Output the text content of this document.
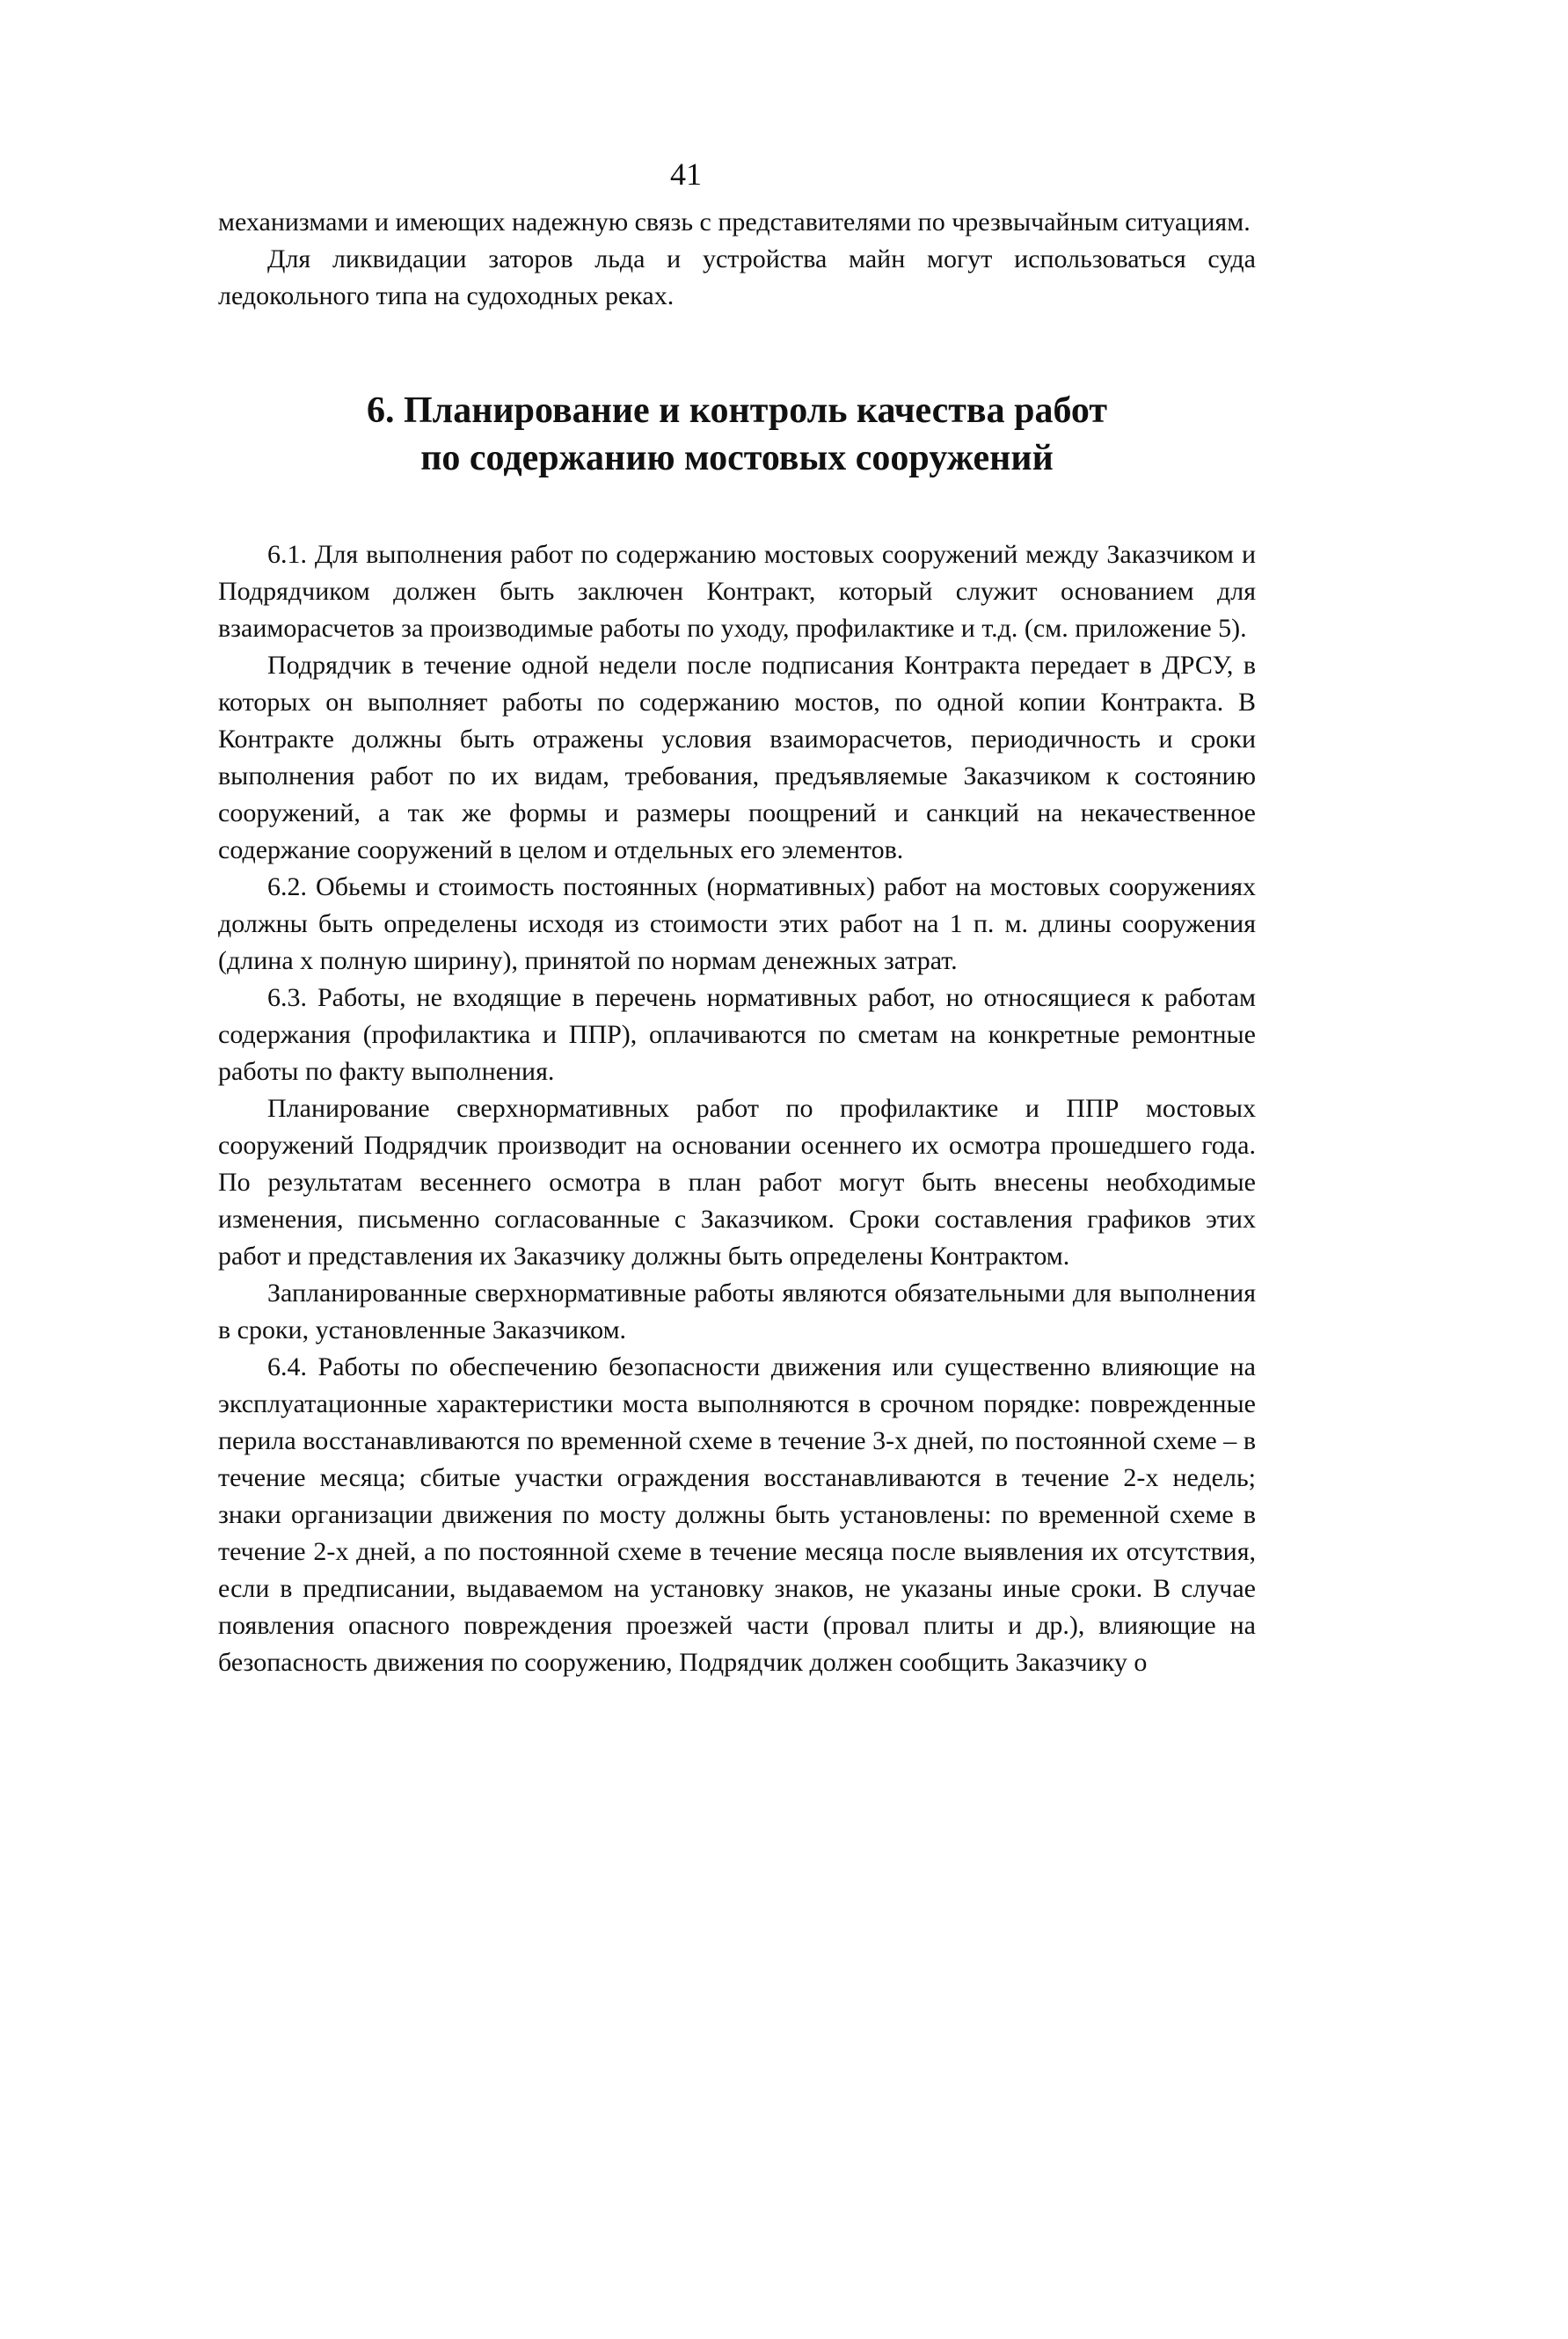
41

механизмами и имеющих надежную связь с представителями по чрезвычайным ситуациям.

Для ликвидации заторов льда и устройства майн могут использоваться суда ледокольного типа на судоходных реках.

6. Планирование и контроль качества работ
по содержанию мостовых сооружений

6.1. Для выполнения работ по содержанию мостовых сооружений между Заказчиком и Подрядчиком должен быть заключен Контракт, который служит основанием для взаиморасчетов за производимые работы по уходу, профилактике и т.д. (см. приложение 5).

Подрядчик в течение одной недели после подписания Контракта передает в ДРСУ, в которых он выполняет работы по содержанию мостов, по одной копии Контракта. В Контракте должны быть отражены условия взаиморасчетов, периодичность и сроки выполнения работ по их видам, требования, предъявляемые Заказчиком к состоянию сооружений, а так же формы и размеры поощрений и санкций на некачественное содержание сооружений в целом и отдельных его элементов.

6.2. Обьемы и стоимость постоянных (нормативных) работ на мостовых сооружениях должны быть определены исходя из стоимости этих работ на 1 п. м. длины сооружения (длина х полную ширину), принятой по нормам денежных затрат.

6.3. Работы, не входящие в перечень нормативных работ, но относящиеся к работам содержания (профилактика и ППР), оплачиваются по сметам на конкретные ремонтные работы по факту выполнения.

Планирование сверхнормативных работ по профилактике и ППР мостовых сооружений Подрядчик производит на основании осеннего их осмотра прошедшего года. По результатам весеннего осмотра в план работ могут быть внесены необходимые изменения, письменно согласованные с Заказчиком. Сроки составления графиков этих работ и представления их Заказчику должны быть определены Контрактом.

Запланированные сверхнормативные работы являются обязательными для выполнения в сроки, установленные Заказчиком.

6.4. Работы по обеспечению безопасности движения или существенно влияющие на эксплуатационные характеристики моста выполняются в срочном порядке: поврежденные перила восстанавливаются по временной схеме в течение 3-х дней, по постоянной схеме – в течение месяца; сбитые участки ограждения восстанавливаются в течение 2-х недель; знаки организации движения по мосту должны быть установлены: по временной схеме в течение 2-х дней, а по постоянной схеме в течение месяца после выявления их отсутствия, если в предписании, выдаваемом на установку знаков, не указаны иные сроки. В случае появления опасного повреждения проезжей части (провал плиты и др.), влияющие на безопасность движения по сооружению, Подрядчик должен сообщить Заказчику о
